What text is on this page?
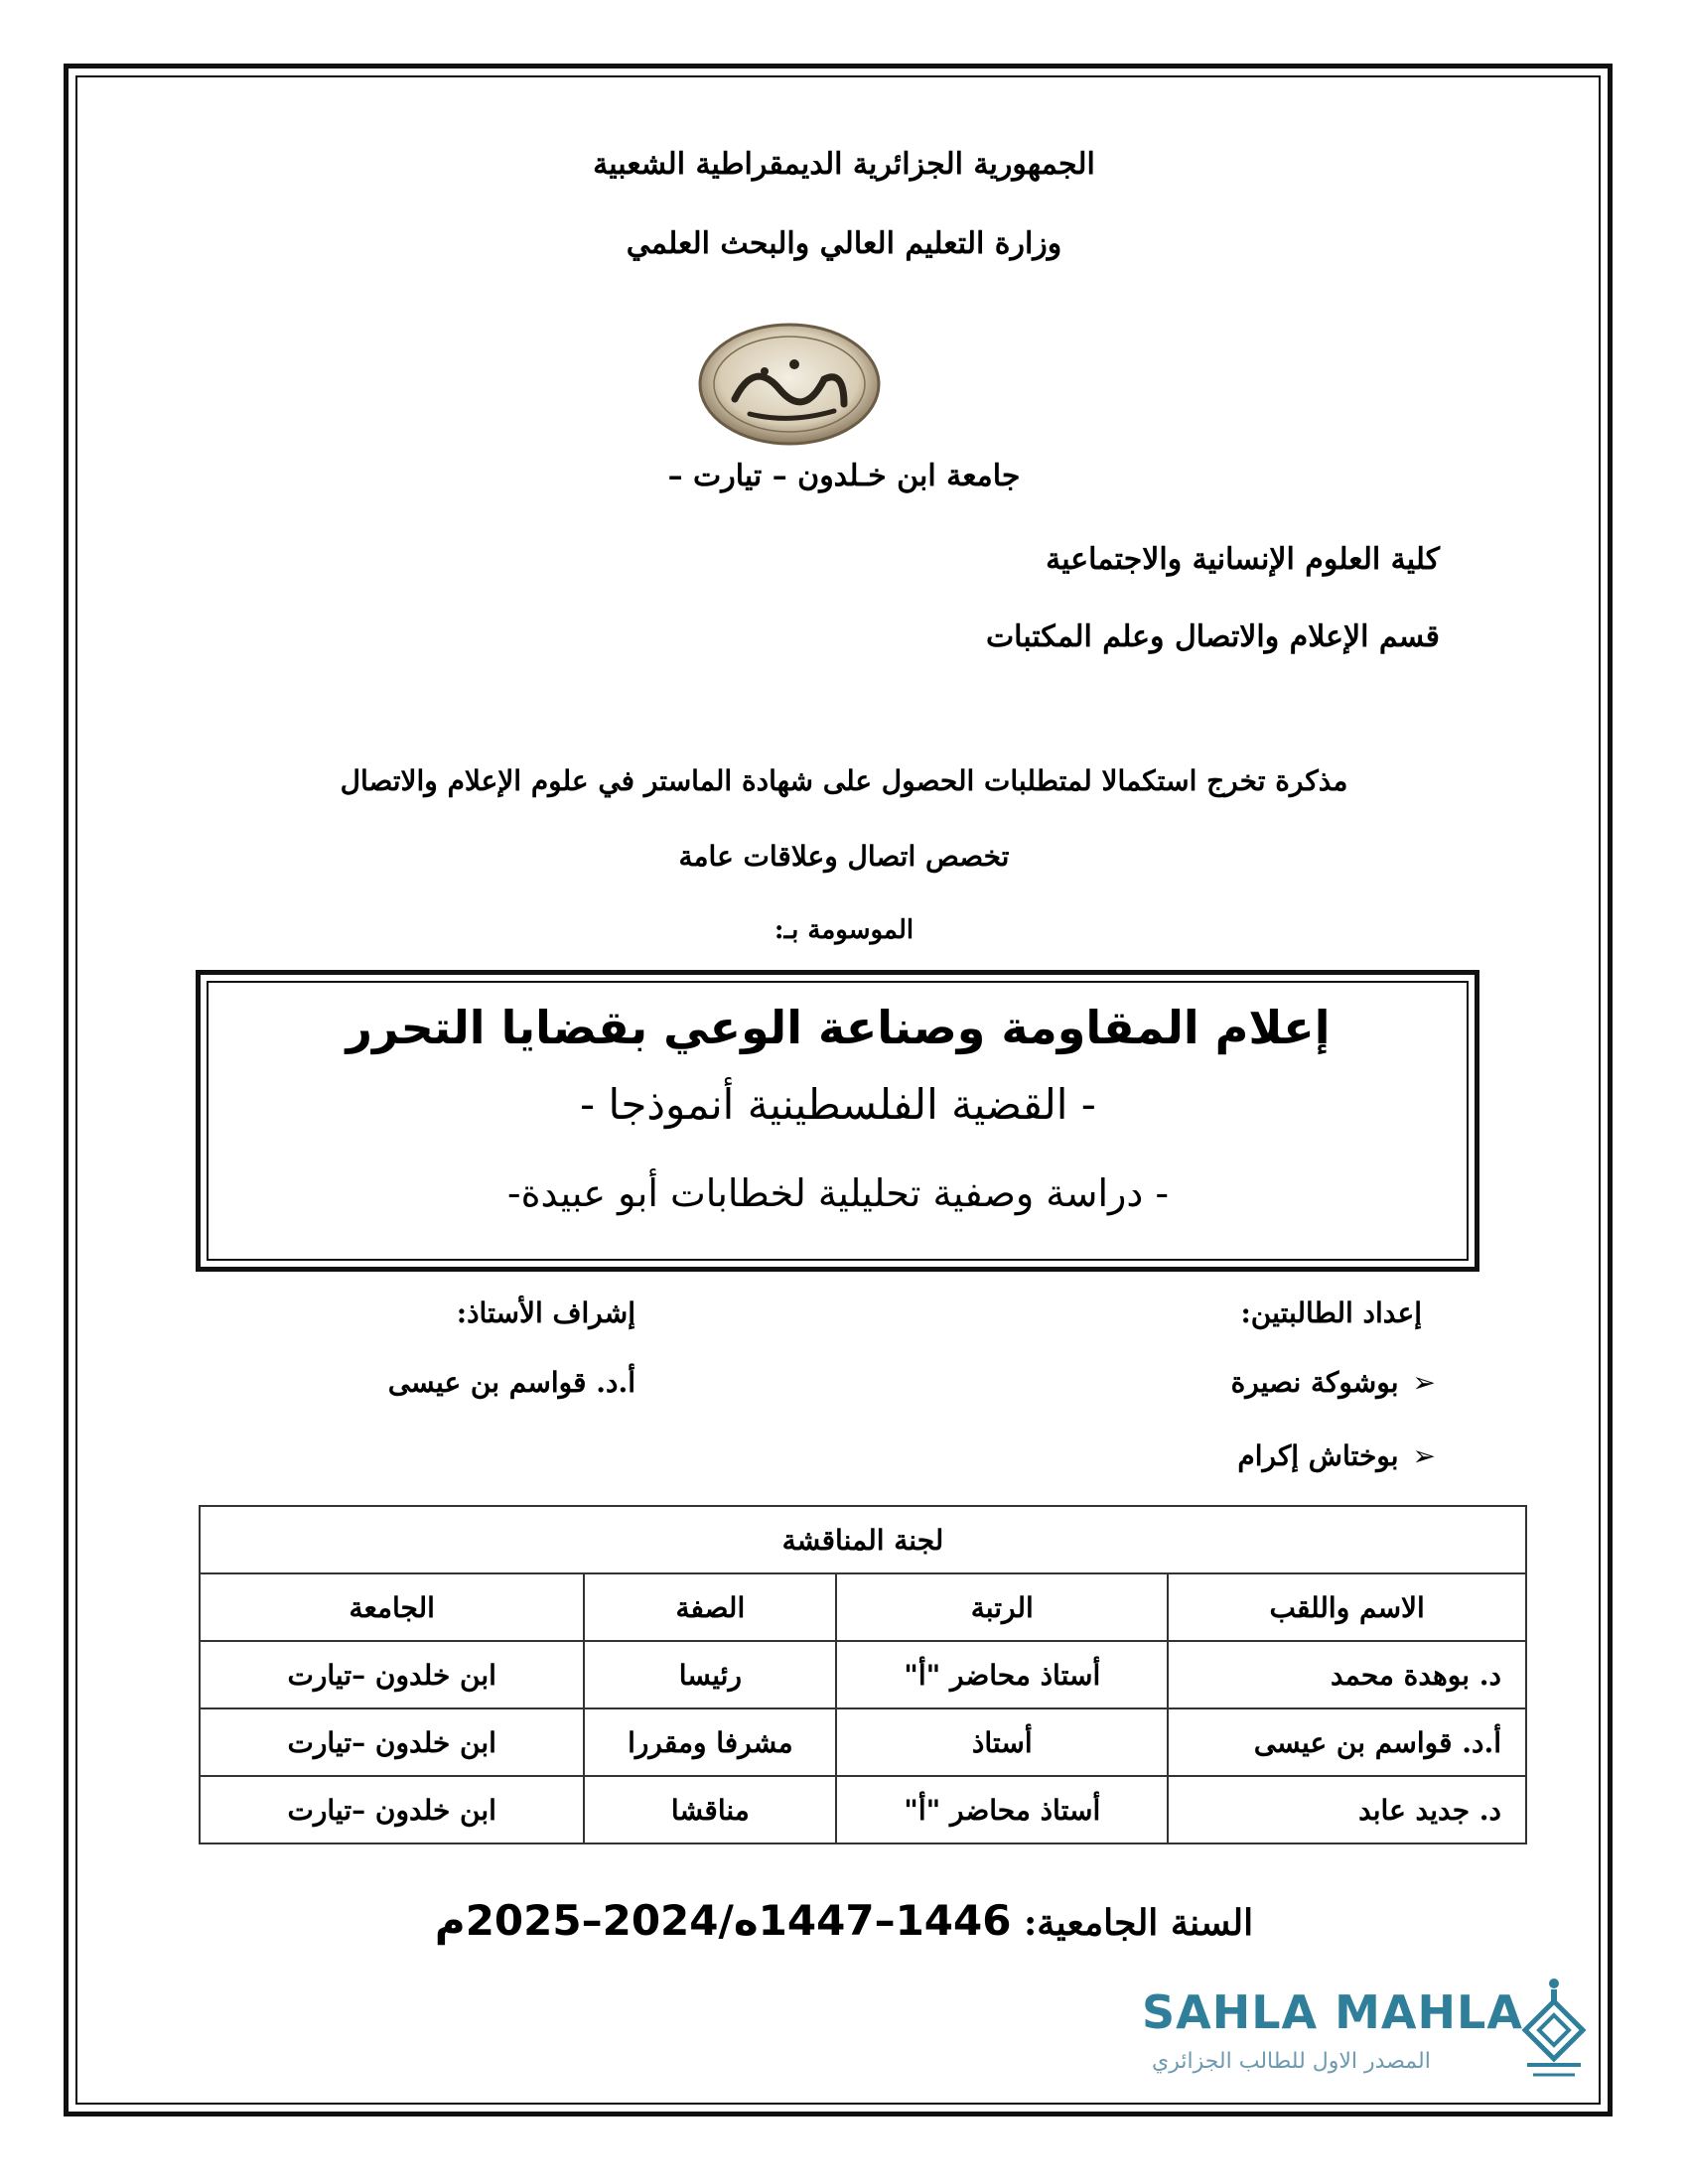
الجمهورية الجزائرية الديمقراطية الشعبية
وزارة التعليم العالي والبحث العلمي
جامعة ابن خـلدون – تيارت –
كلية العلوم الإنسانية والاجتماعية
قسم الإعلام والاتصال وعلم المكتبات
مذكرة تخرج استكمالا لمتطلبات الحصول على شهادة الماستر في علوم الإعلام والاتصال
تخصص اتصال وعلاقات عامة
الموسومة بـ:
إعلام المقاومة وصناعة الوعي بقضايا التحرر
- القضية الفلسطينية أنموذجا -
- دراسة وصفية تحليلية لخطابات أبو عبيدة-
إعداد الطالبتين:
إشراف الأستاذ:
➢بوشوكة نصيرة
➢بوختاش إكرام
أ.د. قواسم بن عيسى
لجنة المناقشة			
الاسم واللقب	الرتبة	الصفة	الجامعة
د. بوهدة محمد	أستاذ محاضر "أ"	رئيسا	ابن خلدون –تيارت
أ.د. قواسم بن عيسى	أستاذ	مشرفا ومقررا	ابن خلدون –تيارت
د. جديد عابد	أستاذ محاضر "أ"	مناقشا	ابن خلدون –تيارت
السنة الجامعية: 1446–1447ه/2024–2025م
SAHLA MAHLA
المصدر الاول للطالب الجزائري
